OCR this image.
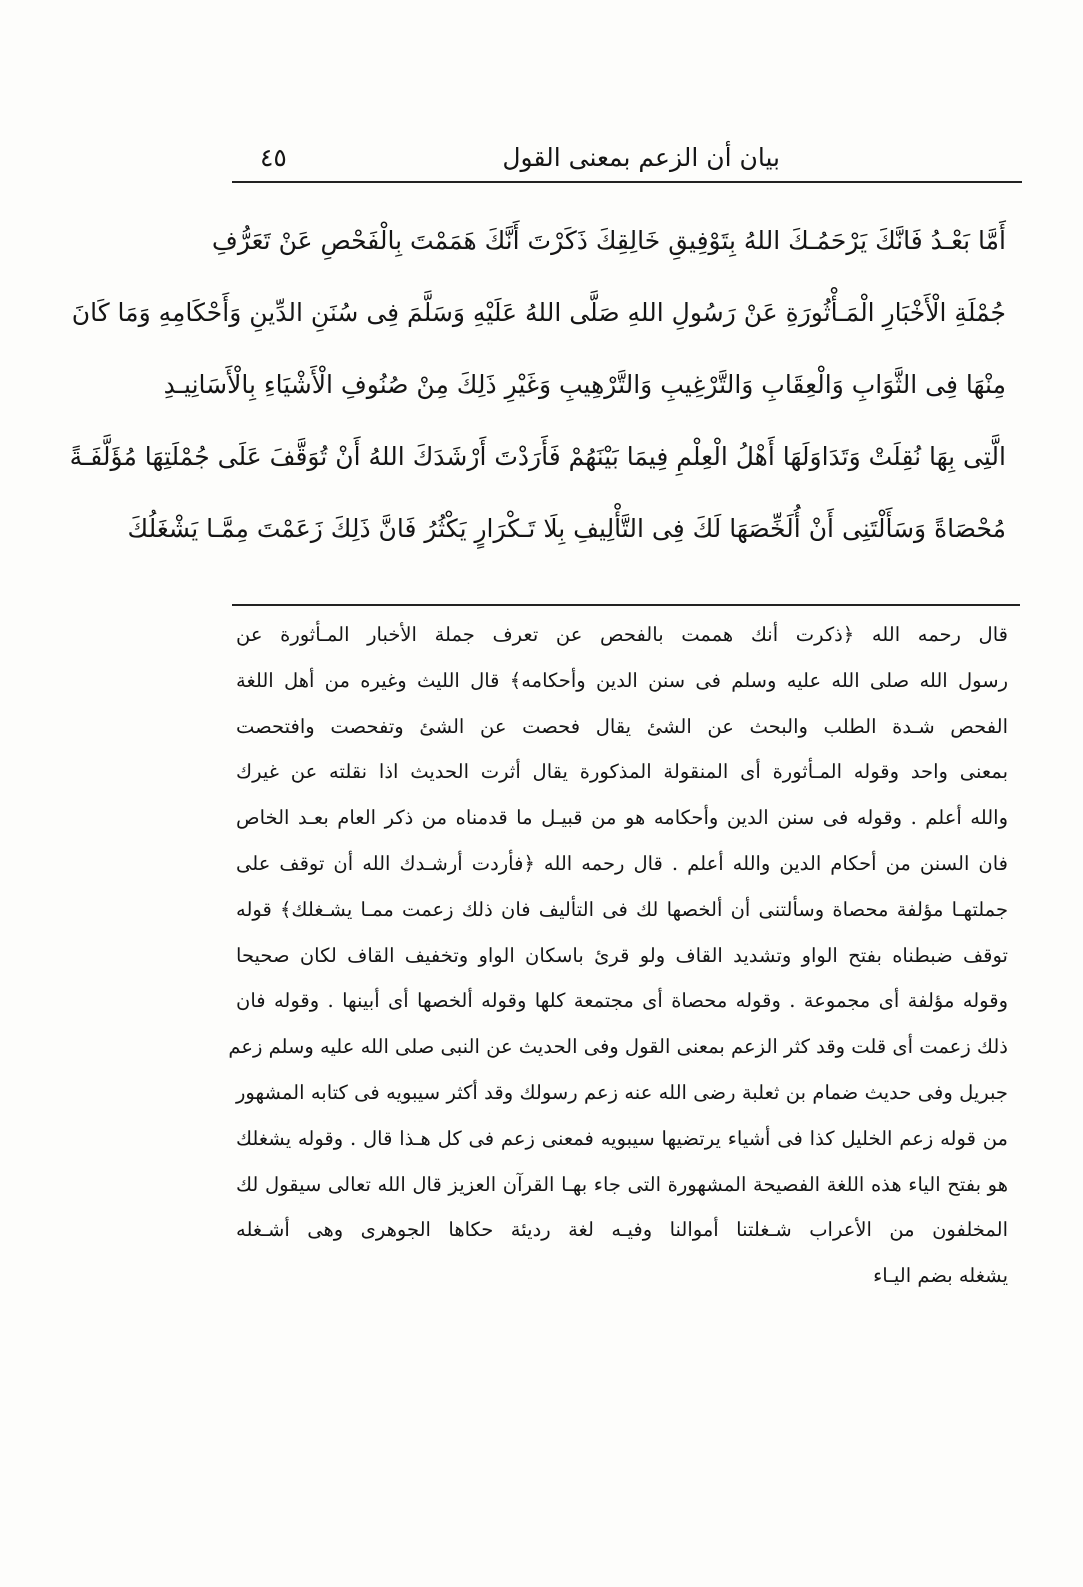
بيان أن الزعم بمعنى القول
٤٥
أَمَّا بَعْـدُ فَانَّكَ يَرْحَمُـكَ اللهُ بِتَوْفِيقِ خَالِقِكَ ذَكَرْتَ أَنَّكَ هَمَمْتَ بِالْفَحْصِ عَنْ تَعَرُّفِ
جُمْلَةِ الْأَخْبَارِ الْمَـأْثُورَةِ عَنْ رَسُولِ اللهِ صَلَّى اللهُ عَلَيْهِ وَسَلَّمَ فِى سُنَنِ الدِّينِ وَأَحْكَامِهِ وَمَا كَانَ
مِنْهَا فِى الثَّوَابِ وَالْعِقَابِ وَالتَّرْغِيبِ وَالتَّرْهِيبِ وَغَيْرِ ذَلِكَ مِنْ صُنُوفِ الْأَشْيَاءِ بِالْأَسَانِيـدِ
الَّتِى بِهَا نُقِلَتْ وَتَدَاوَلَهَا أَهْلُ الْعِلْمِ فِيمَا بَيْنَهُمْ فَأَرَدْتَ أَرْشَدَكَ اللهُ أَنْ تُوَقَّفَ عَلَى جُمْلَتِهَا مُؤَلَّفَـةً
مُحْصَاةً وَسَأَلْتَنِى أَنْ أُلَخِّصَهَا لَكَ فِى التَّأْلِيفِ بِلَا تَـكْرَارٍ يَكْثُرُ فَانَّ ذَلِكَ زَعَمْتَ مِمَّـا يَشْغَلُكَ
قال رحمه الله ﴿ذكرت أنك هممت بالفحص عن تعرف جملة الأخبار المـأثورة عن
رسول الله صلى الله عليه وسلم فى سنن الدين وأحكامه﴾ قال الليث وغيره من أهل اللغة
الفحص شـدة الطلب والبحث عن الشئ يقال فحصت عن الشئ وتفحصت وافتحصت
بمعنى واحد وقوله المـأثورة أى المنقولة المذكورة يقال أثرت الحديث اذا نقلته عن غيرك
والله أعلم . وقوله فى سنن الدين وأحكامه هو من قبيـل ما قدمناه من ذكر العام بعـد الخاص
فان السنن من أحكام الدين والله أعلم . قال رحمه الله ﴿فأردت أرشـدك الله أن توقف على
جملتهـا مؤلفة محصاة وسألتنى أن ألخصها لك فى التأليف فان ذلك زعمت ممـا يشـغلك﴾ قوله
توقف ضبطناه بفتح الواو وتشديد القاف ولو قرئ باسكان الواو وتخفيف القاف لكان صحيحا
وقوله مؤلفة أى مجموعة . وقوله محصاة أى مجتمعة كلها وقوله ألخصها أى أبينها . وقوله فان
ذلك زعمت أى قلت وقد كثر الزعم بمعنى القول وفى الحديث عن النبى صلى الله عليه وسلم زعم
جبريل وفى حديث ضمام بن ثعلبة رضى الله عنه زعم رسولك وقد أكثر سيبويه فى كتابه المشهور
من قوله زعم الخليل كذا فى أشياء يرتضيها سيبويه فمعنى زعم فى كل هـذا قال . وقوله يشغلك
هو بفتح الياء هذه اللغة الفصيحة المشهورة التى جاء بهـا القرآن العزيز قال الله تعالى سيقول لك
المخلفون من الأعراب شـغلتنا أموالنا وفيـه لغة رديئة حكاها الجوهرى وهى أشـغله
يشغله بضم اليـاء
